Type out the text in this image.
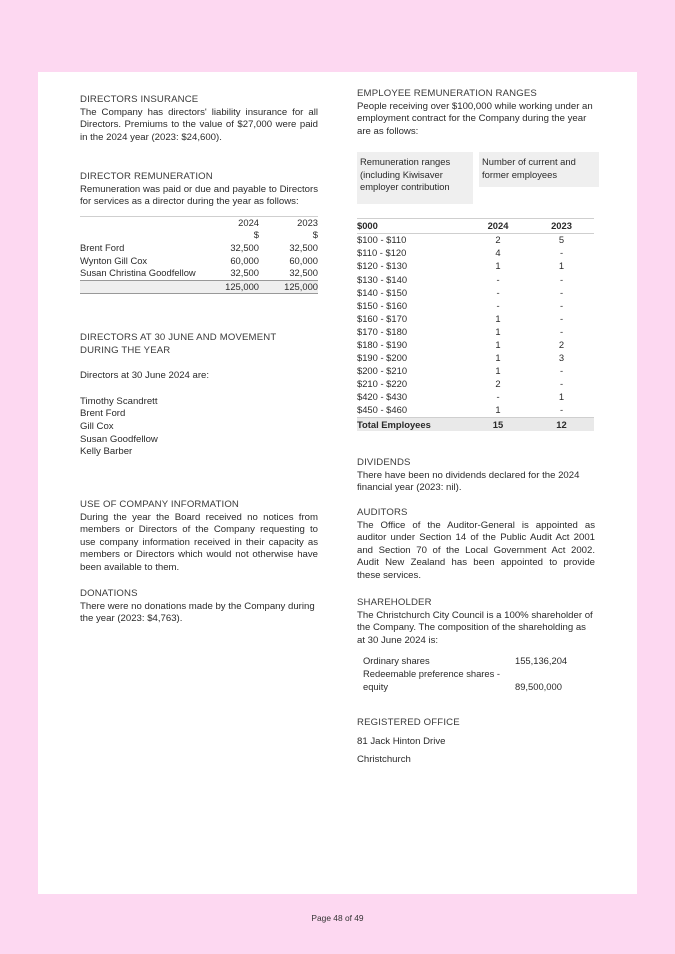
DIRECTORS INSURANCE

The Company has directors' liability insurance for all Directors. Premiums to the value of $27,000 were paid in the 2024 year (2023: $24,600).

DIRECTOR REMUNERATION

Remuneration was paid or due and payable to Directors for services as a director during the year as follows:

	2024	2023
	$	$
Brent Ford	32,500	32,500
Wynton Gill Cox	60,000	60,000
Susan Christina Goodfellow	32,500	32,500
	125,000	125,000
DIRECTORS AT 30 JUNE AND MOVEMENT
DURING THE YEAR

Directors at 30 June 2024 are:

Timothy Scandrett
Brent Ford
Gill Cox
Susan Goodfellow
Kelly Barber
USE OF COMPANY INFORMATION

During the year the Board received no notices from members or Directors of the Company requesting to use company information received in their capacity as members or Directors which would not otherwise have been available to them.

DONATIONS

There were no donations made by the Company during the year (2023: $4,763).

EMPLOYEE REMUNERATION RANGES

People receiving over $100,000 while working under an employment contract for the Company during the year are as follows:

Remuneration ranges (including Kiwisaver employer contribution
Number of current and former employees
$000	2024	2023
$100 - $110	2	5
$110 - $120	4	-
$120 - $130	1	1
$130 - $140	-	-
$140 - $150	-	-
$150 - $160	-	-
$160 - $170	1	-
$170 - $180	1	-
$180 - $190	1	2
$190 - $200	1	3
$200 - $210	1	-
$210 - $220	2	-
$420 - $430	-	1
$450 - $460	1	-
Total Employees	15	12
DIVIDENDS

There have been no dividends declared for the 2024 financial year (2023: nil).

AUDITORS

The Office of the Auditor-General is appointed as auditor under Section 14 of the Public Audit Act 2001 and Section 70 of the Local Government Act 2002. Audit New Zealand has been appointed to provide these services.

SHAREHOLDER

The Christchurch City Council is a 100% shareholder of the Company. The composition of the shareholding as at 30 June 2024 is:

Ordinary shares	155,136,204
Redeemable preference shares - equity	89,500,000
REGISTERED OFFICE

81 Jack Hinton Drive

Christchurch

Page 48 of 49
